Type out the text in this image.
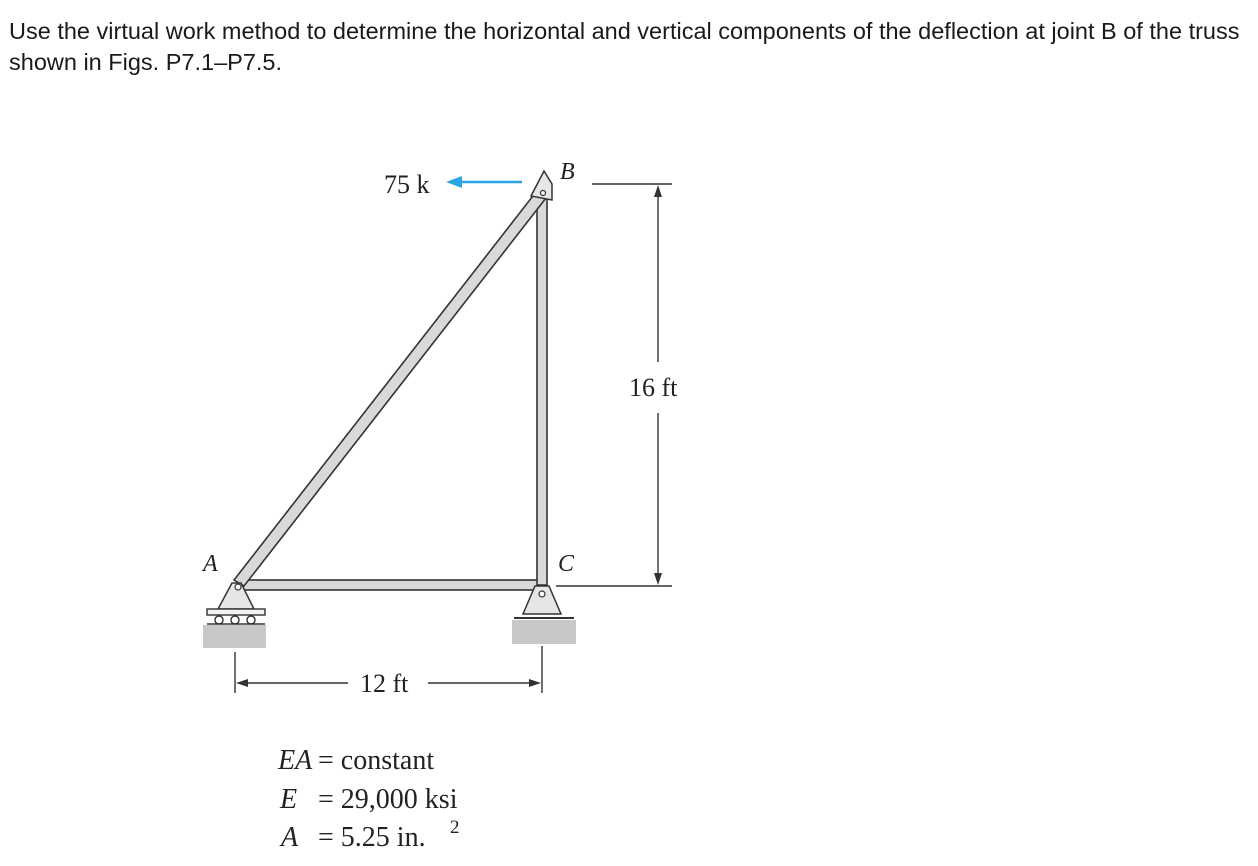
Use the virtual work method to determine the horizontal and vertical components of the deflection at joint B of the truss shown in Figs. P7.1–P7.5.

75 k	B
A	C
16 ft
12 ft
EA = constant
E = 29,000 ksi
A = 5.25 in. 2
